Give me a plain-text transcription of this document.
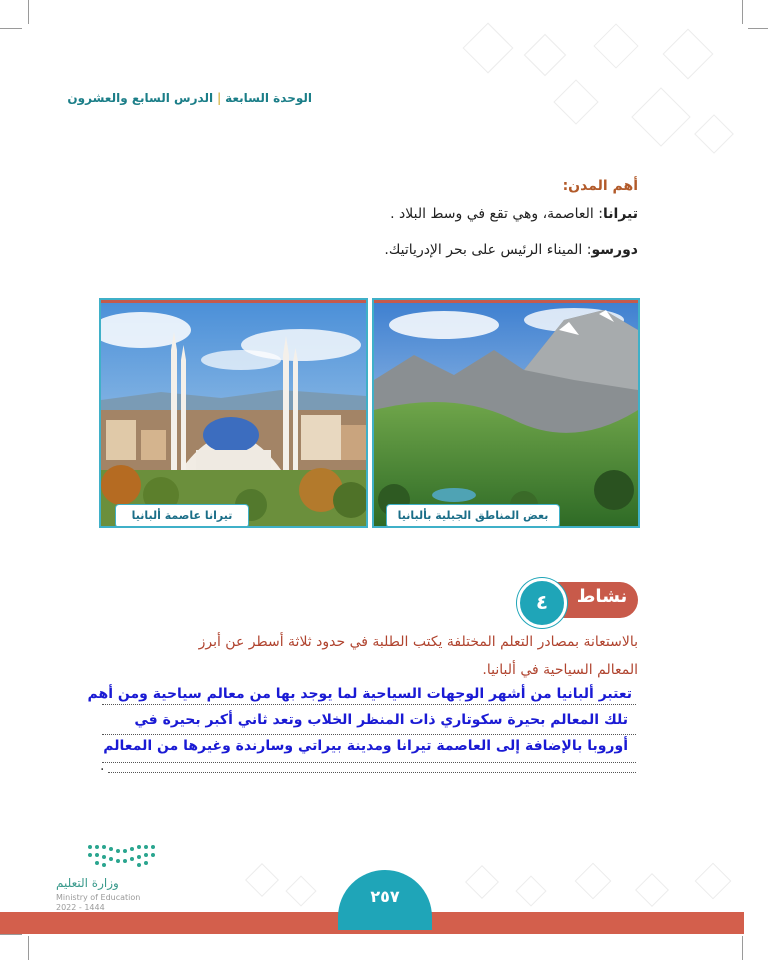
الوحدة السابعة|الدرس السابع والعشرون
أهم المدن:
تيرانا: العاصمة، وهي تقع في وسط البلاد .
دورسو: الميناء الرئيس على بحر الإدرياتيك.
تيرانا عاصمة ألبانيا	بعض المناطق الجبلية بألبانيا
نشاط
٤
بالاستعانة بمصادر التعلم المختلفة يكتب الطلبة في حدود ثلاثة أسطر عن أبرز
المعالم السياحية في ألبانيا.
تعتبر ألبانيا من أشهر الوجهات السياحية لما يوجد بها من معالم سياحية ومن أهم
تلك المعالم بحيرة سكوتاري ذات المنظر الخلاب وتعد ثاني أكبر بحيرة في
أوروبا بالإضافة إلى العاصمة تيرانا ومدينة بيراتي وسارندة وغيرها من المعالم
.
وزارة التعليم
Ministry of Education
2022 - 1444
٢٥٧
